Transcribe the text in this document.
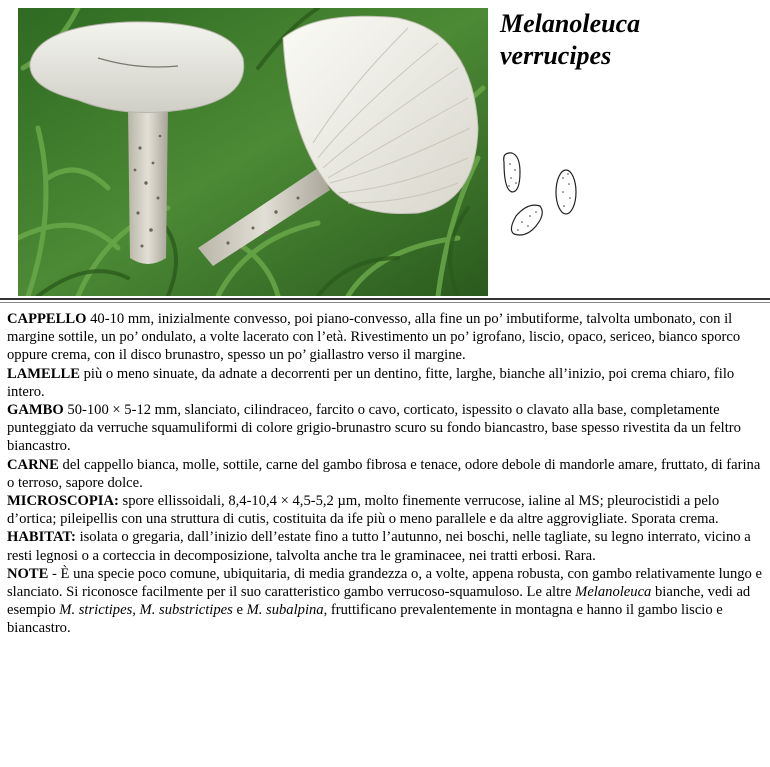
Melanoleuca
verrucipes

CAPPELLO 40-10 mm, inizialmente convesso, poi piano-convesso, alla fine un po’ imbutiforme, talvolta umbonato, con il margine sottile, un po’ ondulato, a volte lacerato con l’età. Rivestimento un po’ igrofano, liscio, opaco, sericeo, bianco sporco oppure crema, con il disco brunastro, spesso un po’ giallastro verso il margine.

LAMELLE più o meno sinuate, da adnate a decorrenti per un dentino, fitte, larghe, bianche all’inizio, poi crema chiaro, filo intero.

GAMBO 50-100 × 5-12 mm, slanciato, cilindraceo, farcito o cavo, corticato, ispessito o clavato alla base, completamente punteggiato da verruche squamuliformi di colore grigio-brunastro scuro su fondo biancastro, base spesso rivestita da un feltro biancastro.

CARNE del cappello bianca, molle, sottile, carne del gambo fibrosa e tenace, odore debole di mandorle amare, fruttato, di farina o terroso, sapore dolce.

MICROSCOPIA: spore ellissoidali, 8,4-10,4 × 4,5-5,2 µm, molto finemente verrucose, ialine al MS; pleurocistidi a pelo d’ortica; pileipellis con una struttura di cutis, costituita da ife più o meno parallele e da altre aggrovigliate. Sporata crema.

HABITAT: isolata o gregaria, dall’inizio dell’estate fino a tutto l’autunno, nei boschi, nelle tagliate, su legno interrato, vicino a resti legnosi o a corteccia in decomposizione, talvolta anche tra le graminacee, nei tratti erbosi. Rara.

NOTE - È una specie poco comune, ubiquitaria, di media grandezza o, a volte, appena robusta, con gambo relativamente lungo e slanciato. Si riconosce facilmente per il suo caratteristico gambo verrucoso-squamuloso. Le altre Melanoleuca bianche, vedi ad esempio M. strictipes, M. substrictipes e M. subalpina, fruttificano prevalentemente in montagna e hanno il gambo liscio e biancastro.
